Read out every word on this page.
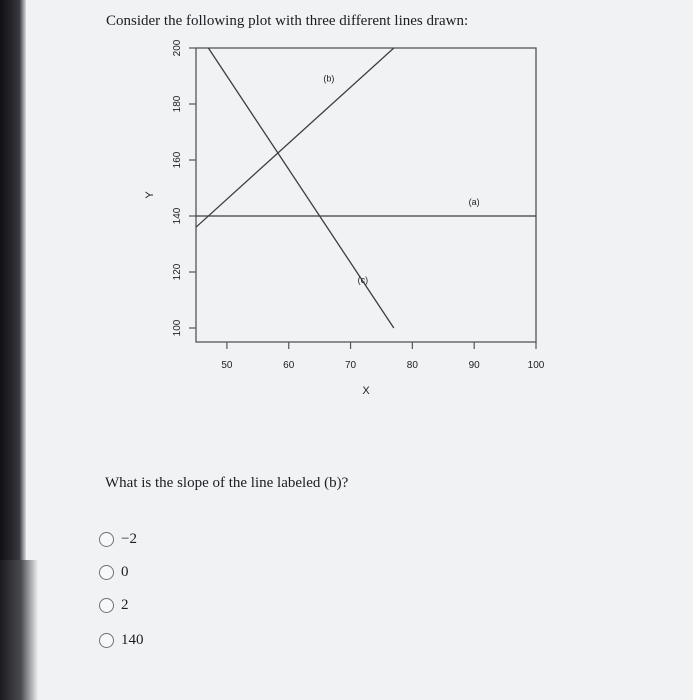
Consider the following plot with three different lines drawn:
50	60	70	80	90	100
100
120
140
160
180
200
X
Y
(a)
(b)
(c)
What is the slope of the line labeled (b)?
−2
0
2
140
